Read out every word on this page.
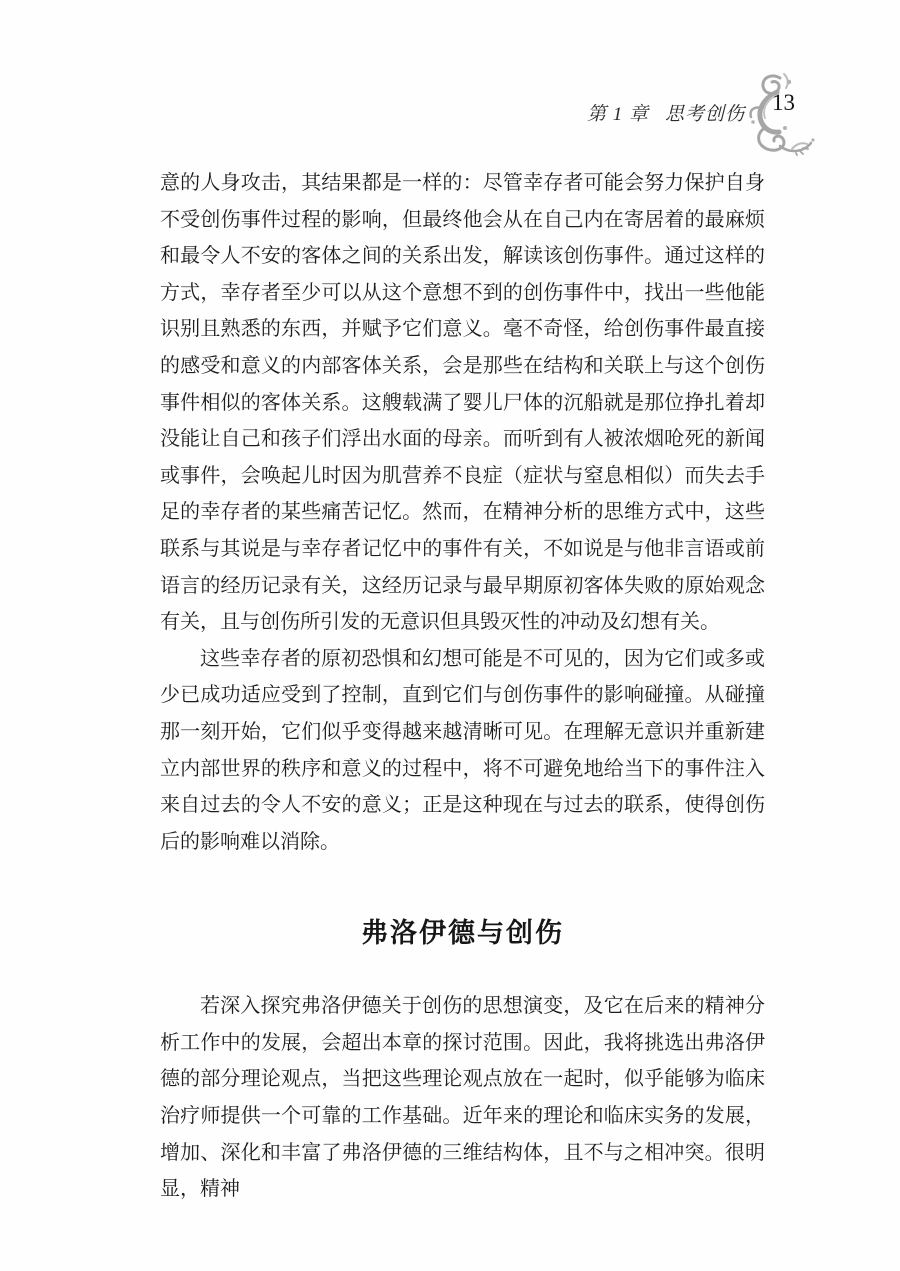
第 1 章 思考创伤 13

意的人身攻击，其结果都是一样的：尽管幸存者可能会努力保护自身不受创伤事件过程的影响，但最终他会从在自己内在寄居着的最麻烦和最令人不安的客体之间的关系出发，解读该创伤事件。通过这样的方式，幸存者至少可以从这个意想不到的创伤事件中，找出一些他能识别且熟悉的东西，并赋予它们意义。毫不奇怪，给创伤事件最直接的感受和意义的内部客体关系，会是那些在结构和关联上与这个创伤事件相似的客体关系。这艘载满了婴儿尸体的沉船就是那位挣扎着却没能让自己和孩子们浮出水面的母亲。而听到有人被浓烟呛死的新闻或事件，会唤起儿时因为肌营养不良症（症状与窒息相似）而失去手足的幸存者的某些痛苦记忆。然而，在精神分析的思维方式中，这些联系与其说是与幸存者记忆中的事件有关，不如说是与他非言语或前语言的经历记录有关，这经历记录与最早期原初客体失败的原始观念有关，且与创伤所引发的无意识但具毁灭性的冲动及幻想有关。

这些幸存者的原初恐惧和幻想可能是不可见的，因为它们或多或少已成功适应受到了控制，直到它们与创伤事件的影响碰撞。从碰撞那一刻开始，它们似乎变得越来越清晰可见。在理解无意识并重新建立内部世界的秩序和意义的过程中，将不可避免地给当下的事件注入来自过去的令人不安的意义；正是这种现在与过去的联系，使得创伤后的影响难以消除。

弗洛伊德与创伤

若深入探究弗洛伊德关于创伤的思想演变，及它在后来的精神分析工作中的发展，会超出本章的探讨范围。因此，我将挑选出弗洛伊德的部分理论观点，当把这些理论观点放在一起时，似乎能够为临床治疗师提供一个可靠的工作基础。近年来的理论和临床实务的发展，增加、深化和丰富了弗洛伊德的三维结构体，且不与之相冲突。很明显，精神
